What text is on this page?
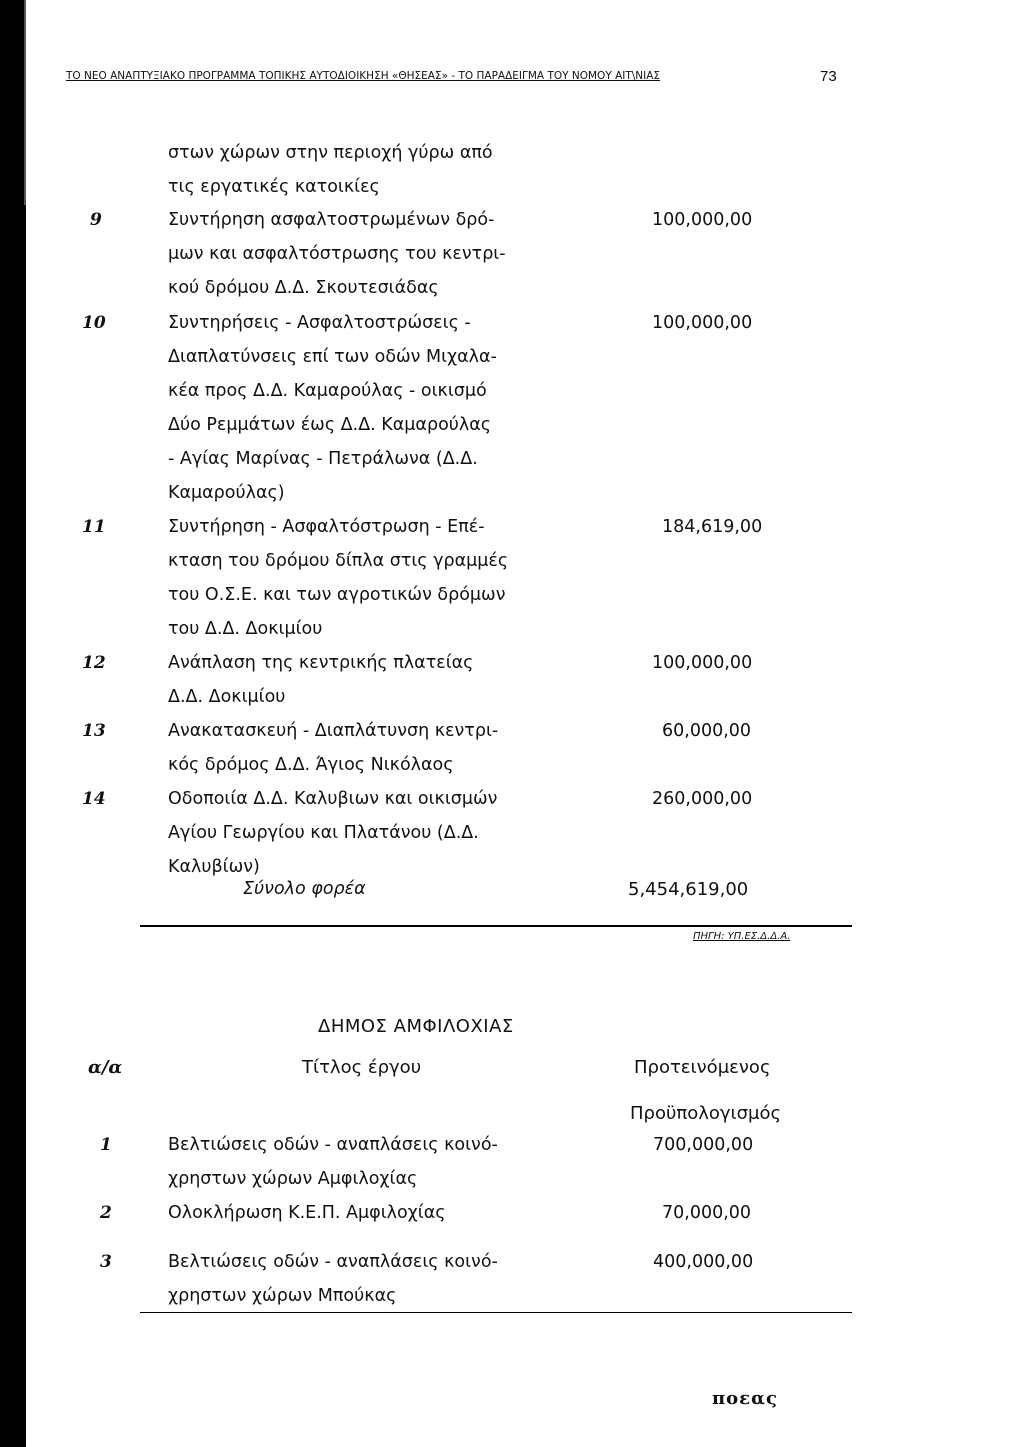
ΤΟ ΝΕΟ ΑΝΑΠΤΥΞΙΑΚΟ ΠΡΟΓΡΑΜΜΑ ΤΟΠΙΚΗΣ ΑΥΤΟΔΙΟΙΚΗΣΗ «ΘΗΣΕΑΣ» - ΤΟ ΠΑΡΑΔΕΙΓΜΑ ΤΟΥ ΝΟΜΟΥ ΑΙΤ\ΝΙΑΣ	73
στων χώρων στην περιοχή γύρω από
τις εργατικές κατοικίες
9	Συντήρηση ασφαλτοστρωμένων δρό-
μων και ασφαλτόστρωσης του κεντρι-
κού δρόμου Δ.Δ. Σκουτεσιάδας
100,000,00
10	Συντηρήσεις - Ασφαλτοστρώσεις -
Διαπλατύνσεις επί των οδών Μιχαλα-
κέα προς Δ.Δ. Καμαρούλας - οικισμό
Δύο Ρεμμάτων έως Δ.Δ. Καμαρούλας
- Αγίας Μαρίνας - Πετράλωνα (Δ.Δ.
Καμαρούλας)
100,000,00
11	Συντήρηση - Ασφαλτόστρωση - Επέ-
κταση του δρόμου δίπλα στις γραμμές
του Ο.Σ.Ε. και των αγροτικών δρόμων
του Δ.Δ. Δοκιμίου
184,619,00
12	Ανάπλαση της κεντρικής πλατείας
Δ.Δ. Δοκιμίου
100,000,00
13	Ανακατασκευή - Διαπλάτυνση κεντρι-
κός δρόμος Δ.Δ. Άγιος Νικόλαος
60,000,00
14	Οδοποιία Δ.Δ. Καλυβιων και οικισμών
Αγίου Γεωργίου και Πλατάνου (Δ.Δ.
Καλυβίων)
260,000,00
Σύνολο φορέα	5,454,619,00
ΠΗΓΗ: ΥΠ.ΕΣ.Δ.Δ.Α.
ΔΗΜΟΣ ΑΜΦΙΛΟΧΙΑΣ
α/α	Τίτλος έργου	Προτεινόμενος
Προϋπολογισμός
1	Βελτιώσεις οδών - αναπλάσεις κοινό-
χρηστων χώρων Αμφιλοχίας
700,000,00
2	Ολοκλήρωση Κ.Ε.Π. Αμφιλοχίας	70,000,00
3	Βελτιώσεις οδών - αναπλάσεις κοινό-
χρηστων χώρων Μπούκας
400,000,00
ποεας
